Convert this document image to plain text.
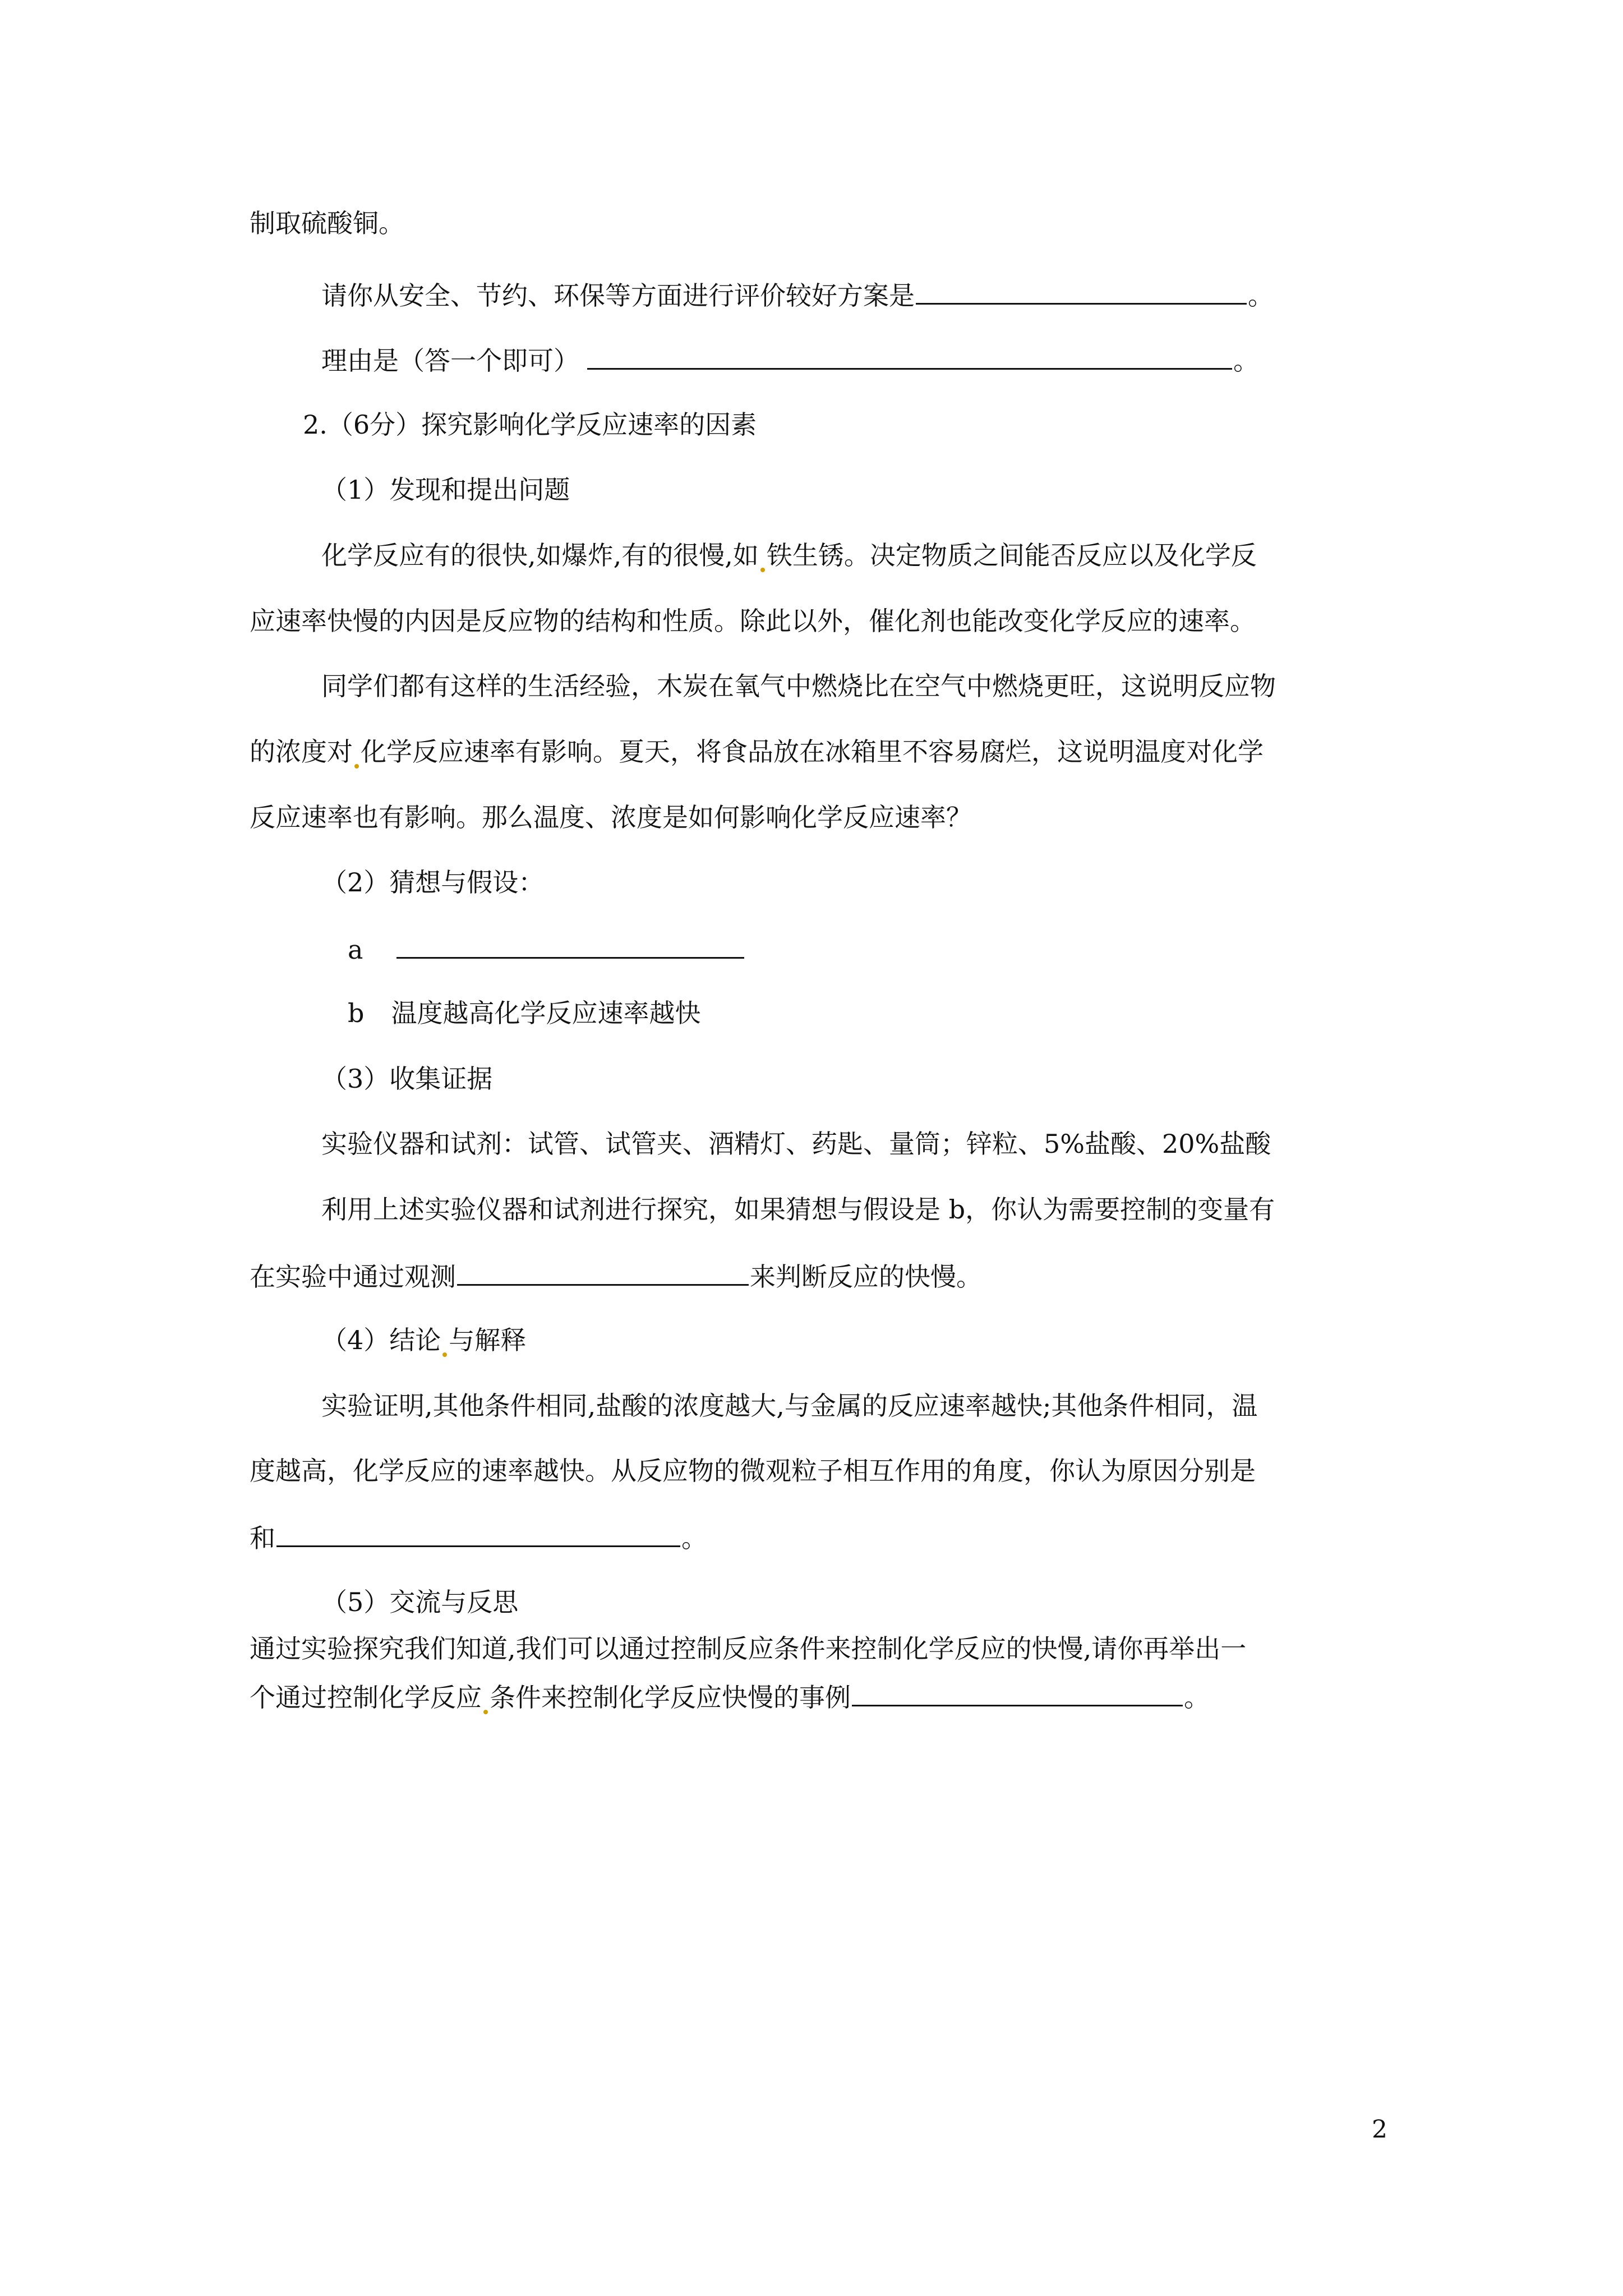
制取硫酸铜。
请你从安全、节约、环保等方面进行评价较好方案是	。
理由是（答一个即可）	。
2.（6分）探究影响化学反应速率的因素
（1）发现和提出问题
化学反应有的很快,如爆炸,有的很慢,如 铁生锈。决定物质之间能否反应以及化学反
应速率快慢的内因是反应物的结构和性质。除此以外，催化剂也能改变化学反应的速率。
同学们都有这样的生活经验，木炭在氧气中燃烧比在空气中燃烧更旺，这说明反应物
的浓度对 化学反应速率有影响。夏天，将食品放在冰箱里不容易腐烂，这说明温度对化学
反应速率也有影响。那么温度、浓度是如何影响化学反应速率？
（2）猜想与假设：
a
b 温度越高化学反应速率越快
（3）收集证据
实验仪器和试剂：试管、试管夹、酒精灯、药匙、量筒；锌粒、5%盐酸、20%盐酸
利用上述实验仪器和试剂进行探究，如果猜想与假设是 b，你认为需要控制的变量有
在实验中通过观测	来判断反应的快慢。
（4）结论 与解释
实验证明,其他条件相同,盐酸的浓度越大,与金属的反应速率越快;其他条件相同，温
度越高，化学反应的速率越快。从反应物的微观粒子相互作用的角度，你认为原因分别是
和	。
（5）交流与反思
通过实验探究我们知道,我们可以通过控制反应条件来控制化学反应的快慢,请你再举出一
个通过控制化学反应 条件来控制化学反应快慢的事例	。
2
